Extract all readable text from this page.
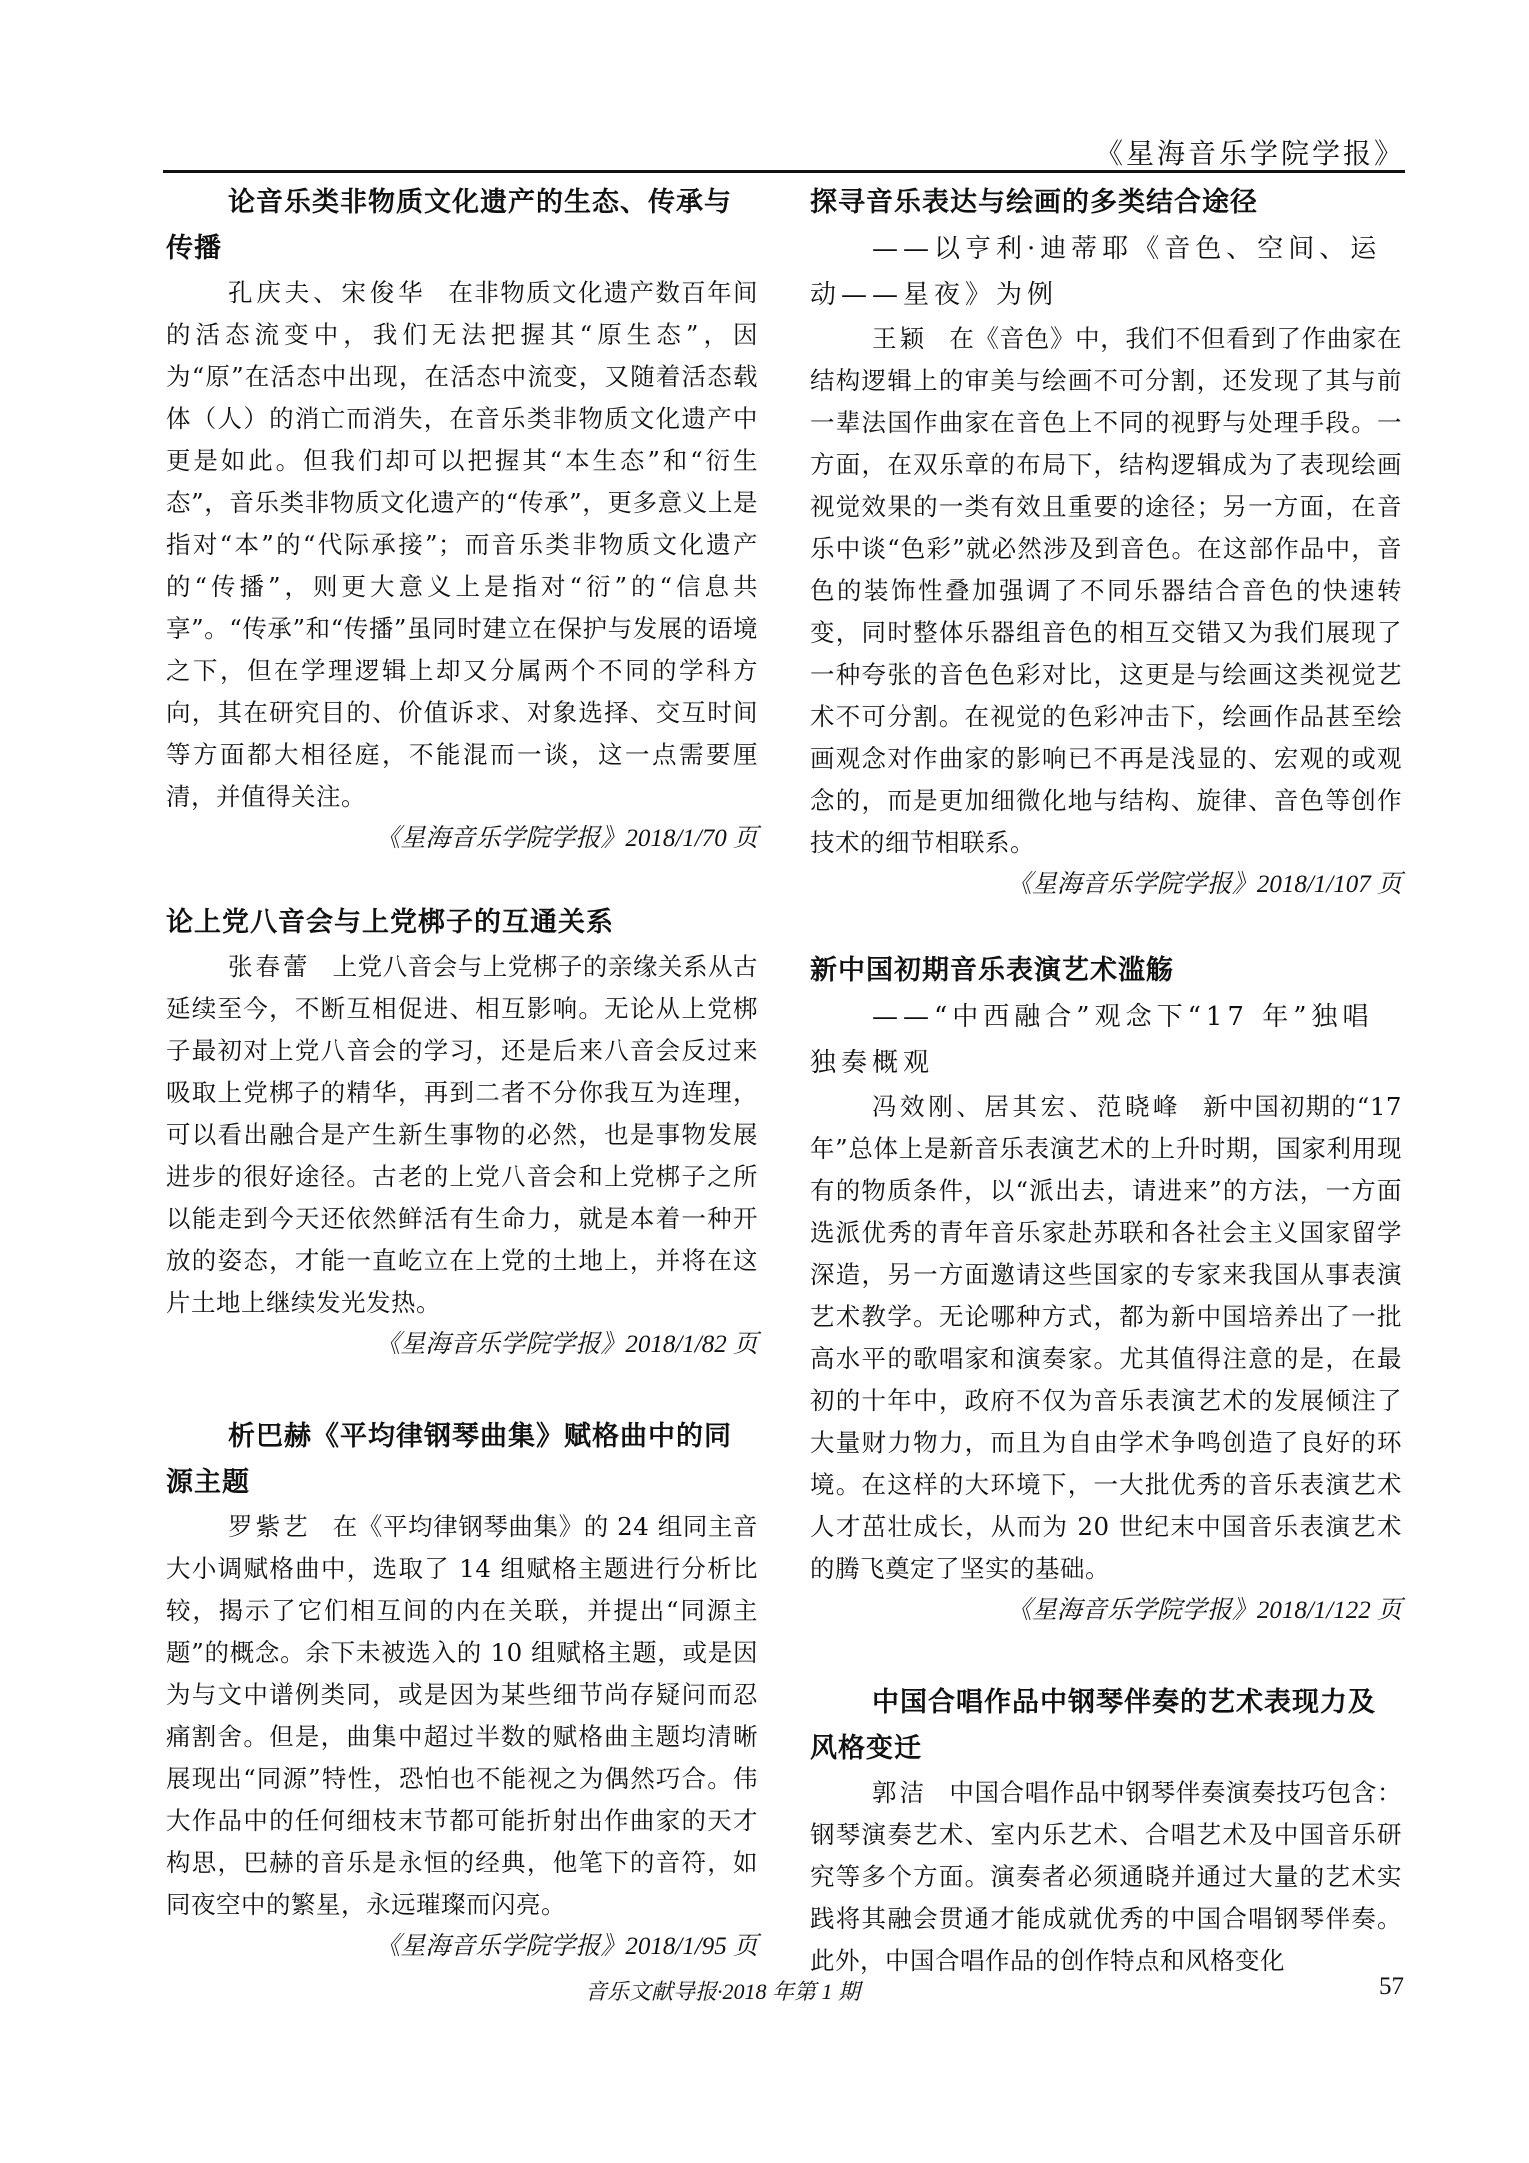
《星海音乐学院学报》
论音乐类非物质文化遗产的生态、传承与传播

孔庆夫、宋俊华 在非物质文化遗产数百年间的活态流变中，我们无法把握其“原生态”，因为“原”在活态中出现，在活态中流变，又随着活态载体（人）的消亡而消失，在音乐类非物质文化遗产中更是如此。但我们却可以把握其“本生态”和“衍生态”，音乐类非物质文化遗产的“传承”，更多意义上是指对“本”的“代际承接”；而音乐类非物质文化遗产的“传播”，则更大意义上是指对“衍”的“信息共享”。“传承”和“传播”虽同时建立在保护与发展的语境之下，但在学理逻辑上却又分属两个不同的学科方向，其在研究目的、价值诉求、对象选择、交互时间等方面都大相径庭，不能混而一谈，这一点需要厘清，并值得关注。

《星海音乐学院学报》2018/1/70 页

论上党八音会与上党梆子的互通关系

张春蕾 上党八音会与上党梆子的亲缘关系从古延续至今，不断互相促进、相互影响。无论从上党梆子最初对上党八音会的学习，还是后来八音会反过来吸取上党梆子的精华，再到二者不分你我互为连理，可以看出融合是产生新生事物的必然，也是事物发展进步的很好途径。古老的上党八音会和上党梆子之所以能走到今天还依然鲜活有生命力，就是本着一种开放的姿态，才能一直屹立在上党的土地上，并将在这片土地上继续发光发热。

《星海音乐学院学报》2018/1/82 页

析巴赫《平均律钢琴曲集》赋格曲中的同源主题

罗紫艺 在《平均律钢琴曲集》的 24 组同主音大小调赋格曲中，选取了 14 组赋格主题进行分析比较，揭示了它们相互间的内在关联，并提出“同源主题”的概念。余下未被选入的 10 组赋格主题，或是因为与文中谱例类同，或是因为某些细节尚存疑问而忍痛割舍。但是，曲集中超过半数的赋格曲主题均清晰展现出“同源”特性，恐怕也不能视之为偶然巧合。伟大作品中的任何细枝末节都可能折射出作曲家的天才构思，巴赫的音乐是永恒的经典，他笔下的音符，如同夜空中的繁星，永远璀璨而闪亮。

《星海音乐学院学报》2018/1/95 页

探寻音乐表达与绘画的多类结合途径

——以亨利·迪蒂耶《音色、空间、运动——星夜》为例

王颖 在《音色》中，我们不但看到了作曲家在结构逻辑上的审美与绘画不可分割，还发现了其与前一辈法国作曲家在音色上不同的视野与处理手段。一方面，在双乐章的布局下，结构逻辑成为了表现绘画视觉效果的一类有效且重要的途径；另一方面，在音乐中谈“色彩”就必然涉及到音色。在这部作品中，音色的装饰性叠加强调了不同乐器结合音色的快速转变，同时整体乐器组音色的相互交错又为我们展现了一种夸张的音色色彩对比，这更是与绘画这类视觉艺术不可分割。在视觉的色彩冲击下，绘画作品甚至绘画观念对作曲家的影响已不再是浅显的、宏观的或观念的，而是更加细微化地与结构、旋律、音色等创作技术的细节相联系。

《星海音乐学院学报》2018/1/107 页

新中国初期音乐表演艺术滥觞

——“中西融合”观念下“17 年”独唱独奏概观

冯效刚、居其宏、范晓峰 新中国初期的“17 年”总体上是新音乐表演艺术的上升时期，国家利用现有的物质条件，以“派出去，请进来”的方法，一方面选派优秀的青年音乐家赴苏联和各社会主义国家留学深造，另一方面邀请这些国家的专家来我国从事表演艺术教学。无论哪种方式，都为新中国培养出了一批高水平的歌唱家和演奏家。尤其值得注意的是，在最初的十年中，政府不仅为音乐表演艺术的发展倾注了大量财力物力，而且为自由学术争鸣创造了良好的环境。在这样的大环境下，一大批优秀的音乐表演艺术人才茁壮成长，从而为 20 世纪末中国音乐表演艺术的腾飞奠定了坚实的基础。

《星海音乐学院学报》2018/1/122 页

中国合唱作品中钢琴伴奏的艺术表现力及风格变迁

郭洁 中国合唱作品中钢琴伴奏演奏技巧包含：钢琴演奏艺术、室内乐艺术、合唱艺术及中国音乐研究等多个方面。演奏者必须通晓并通过大量的艺术实践将其融会贯通才能成就优秀的中国合唱钢琴伴奏。此外，中国合唱作品的创作特点和风格变化

音乐文献导报·2018 年第 1 期	57
